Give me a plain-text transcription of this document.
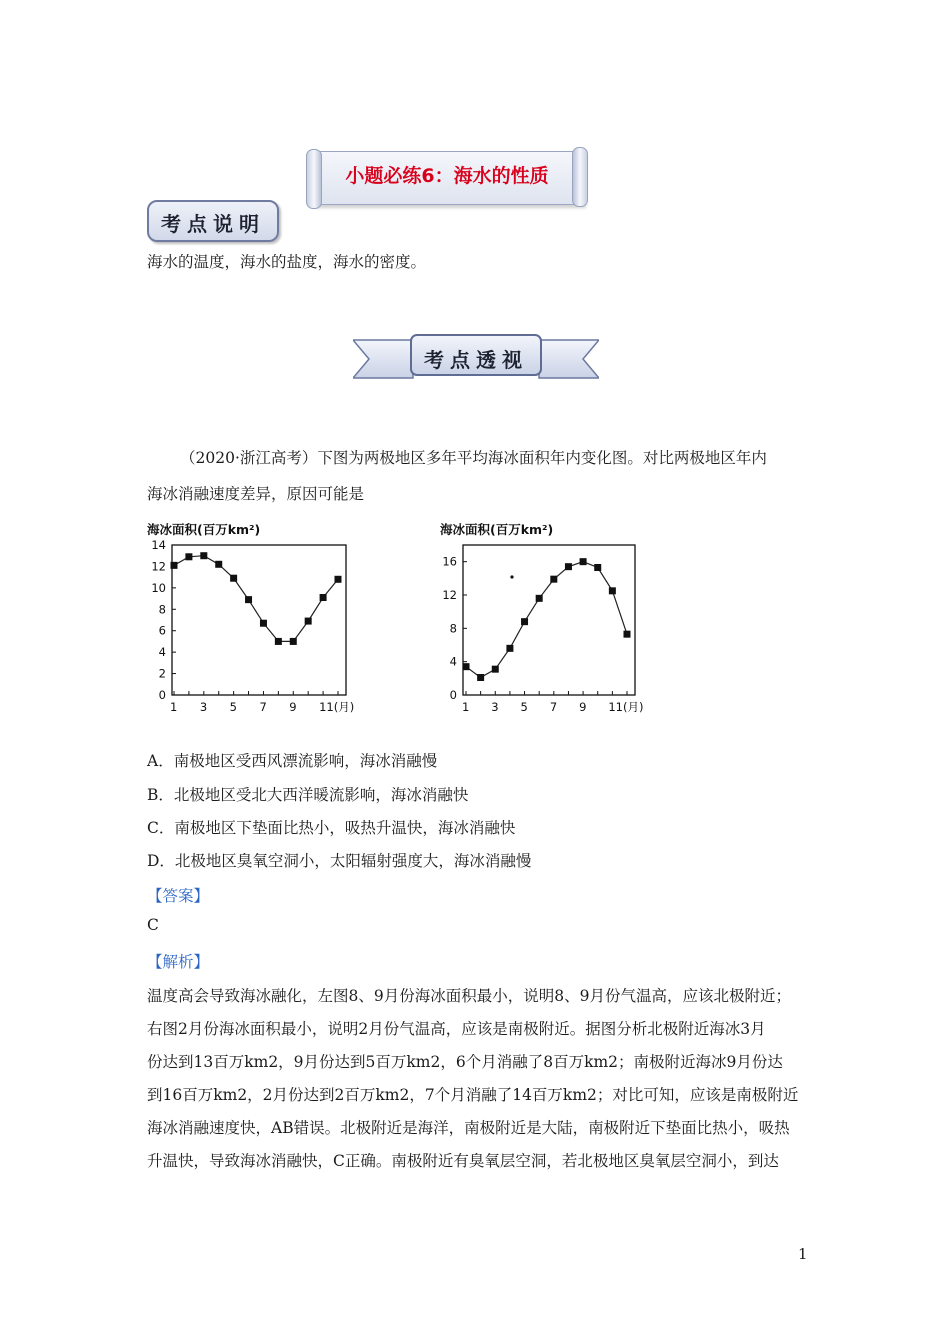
小题必练6：海水的性质
考点说明
海水的温度，海水的盐度，海水的密度。
考点透视
（2020·浙江高考）下图为两极地区多年平均海冰面积年内变化图。对比两极地区年内
海冰消融速度差异，原因可能是
海冰面积(百万km²)
0
2
4
6
8
10
12
14
1 3 5 7 9 11(月)
海冰面积(百万km²)
0
4
8
12
16
1 3 5 7 9 11(月)
A．南极地区受西风漂流影响，海冰消融慢
B．北极地区受北大西洋暖流影响，海冰消融快
C．南极地区下垫面比热小，吸热升温快，海冰消融快
D．北极地区臭氧空洞小，太阳辐射强度大，海冰消融慢
【答案】
C
【解析】
温度高会导致海冰融化，左图8、9月份海冰面积最小，说明8、9月份气温高，应该北极附近；
右图2月份海冰面积最小，说明2月份气温高，应该是南极附近。据图分析北极附近海冰3月
份达到13百万km2，9月份达到5百万km2，6个月消融了8百万km2；南极附近海冰9月份达
到16百万km2，2月份达到2百万km2，7个月消融了14百万km2；对比可知，应该是南极附近
海冰消融速度快，AB错误。北极附近是海洋，南极附近是大陆，南极附近下垫面比热小，吸热
升温快，导致海冰消融快，C正确。南极附近有臭氧层空洞，若北极地区臭氧层空洞小，到达
1
